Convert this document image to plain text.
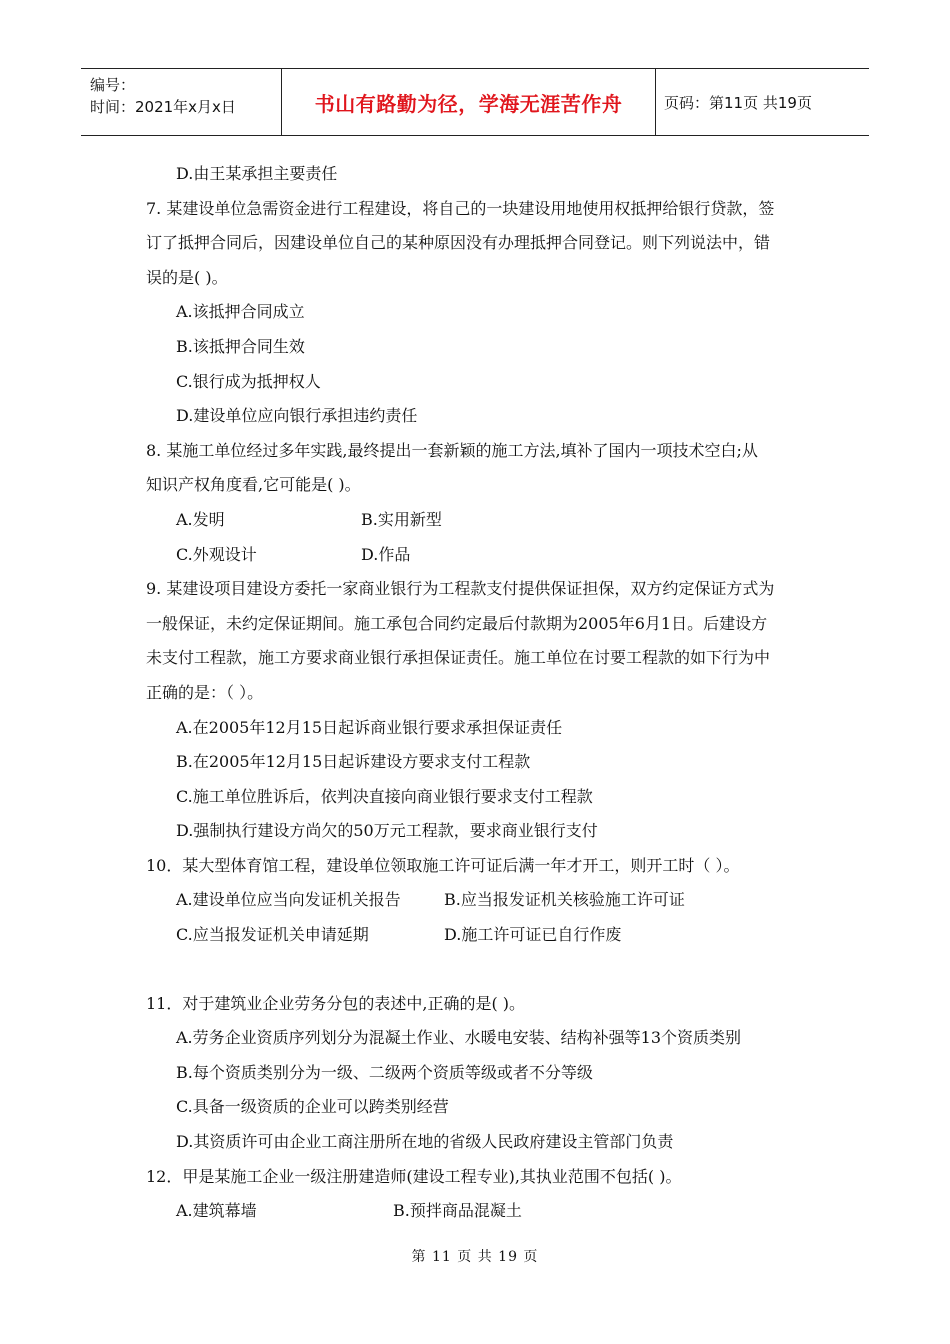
编号：
时间：2021年x月x日	书山有路勤为径，学海无涯苦作舟	页码：第11页 共19页
D.由王某承担主要责任
7. 某建设单位急需资金进行工程建设，将自己的一块建设用地使用权抵押给银行贷款，签
订了抵押合同后，因建设单位自己的某种原因没有办理抵押合同登记。则下列说法中，错
误的是( )。
A.该抵押合同成立
B.该抵押合同生效
C.银行成为抵押权人
D.建设单位应向银行承担违约责任
8. 某施工单位经过多年实践,最终提出一套新颖的施工方法,填补了国内一项技术空白;从
知识产权角度看,它可能是( )。
A.发明	B.实用新型
C.外观设计	D.作品
9. 某建设项目建设方委托一家商业银行为工程款支付提供保证担保，双方约定保证方式为
一般保证，未约定保证期间。施工承包合同约定最后付款期为2005年6月1日。后建设方
未支付工程款，施工方要求商业银行承担保证责任。施工单位在讨要工程款的如下行为中
正确的是：（ ）。
A.在2005年12月15日起诉商业银行要求承担保证责任
B.在2005年12月15日起诉建设方要求支付工程款
C.施工单位胜诉后，依判决直接向商业银行要求支付工程款
D.强制执行建设方尚欠的50万元工程款，要求商业银行支付
10．某大型体育馆工程，建设单位领取施工许可证后满一年才开工，则开工时（ ）。
A.建设单位应当向发证机关报告	B.应当报发证机关核验施工许可证
C.应当报发证机关申请延期	D.施工许可证已自行作废
11．对于建筑业企业劳务分包的表述中,正确的是( )。
A.劳务企业资质序列划分为混凝土作业、水暖电安装、结构补强等13个资质类别
B.每个资质类别分为一级、二级两个资质等级或者不分等级
C.具备一级资质的企业可以跨类别经营
D.其资质许可由企业工商注册所在地的省级人民政府建设主管部门负责
12．甲是某施工企业一级注册建造师(建设工程专业),其执业范围不包括( )。
A.建筑幕墙	B.预拌商品混凝土
第 11 页 共 19 页
